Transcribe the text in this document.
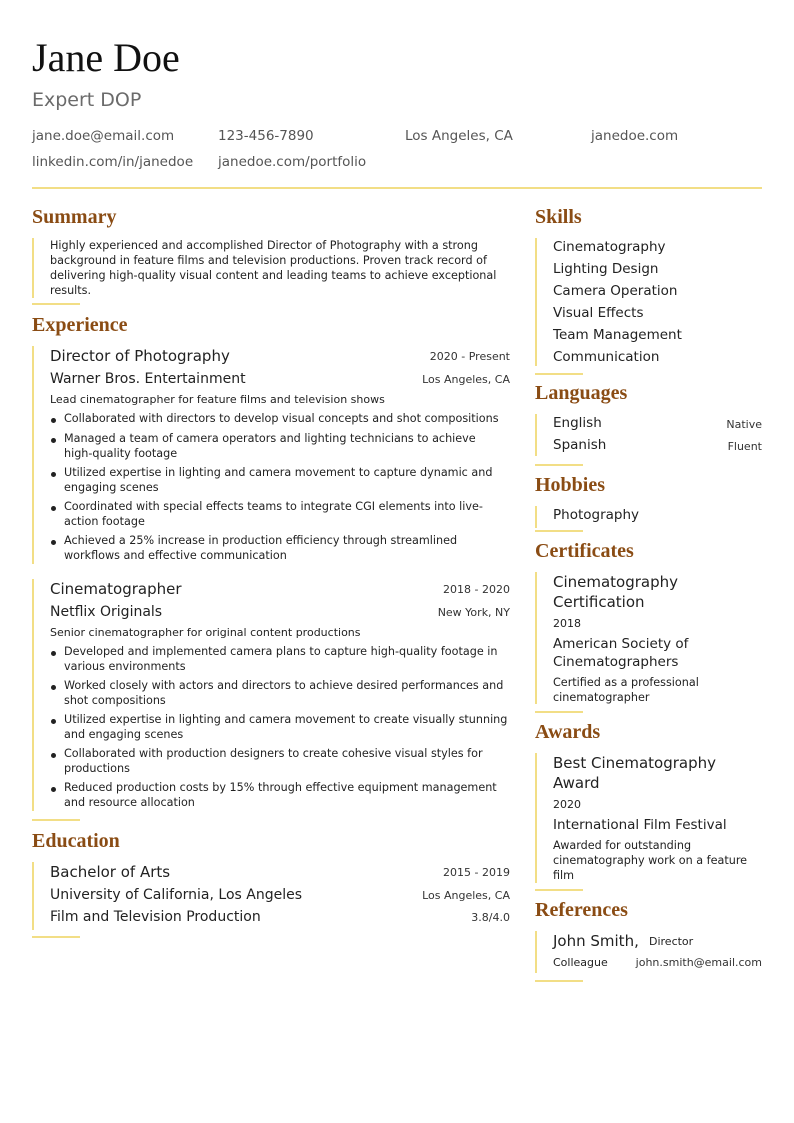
Jane Doe
Expert DOP
jane.doe@email.com	123-456-7890	Los Angeles, CA	janedoe.com
linkedin.com/in/janedoe janedoe.com/portfolio
Summary
Highly experienced and accomplished Director of Photography with a strong
background in feature films and television productions. Proven track record of
delivering high-quality visual content and leading teams to achieve exceptional
results.
Experience
Director of Photography	2020 - Present
Warner Bros. Entertainment	Los Angeles, CA
Lead cinematographer for feature films and television shows
Collaborated with directors to develop visual concepts and shot compositions
Managed a team of camera operators and lighting technicians to achieve
high-quality footage
Utilized expertise in lighting and camera movement to capture dynamic and
engaging scenes
Coordinated with special effects teams to integrate CGI elements into live-
action footage
Achieved a 25% increase in production efficiency through streamlined
workflows and effective communication
Cinematographer	2018 - 2020
Netflix Originals	New York, NY
Senior cinematographer for original content productions
Developed and implemented camera plans to capture high-quality footage in
various environments
Worked closely with actors and directors to achieve desired performances and
shot compositions
Utilized expertise in lighting and camera movement to create visually stunning
and engaging scenes
Collaborated with production designers to create cohesive visual styles for
productions
Reduced production costs by 15% through effective equipment management
and resource allocation
Education
Bachelor of Arts	2015 - 2019
University of California, Los Angeles	Los Angeles, CA
Film and Television Production	3.8/4.0
Skills
Cinematography
Lighting Design
Camera Operation
Visual Effects
Team Management
Communication
Languages
English	Native
Spanish	Fluent
Hobbies
Photography
Certificates
Cinematography
Certification
2018
American Society of
Cinematographers
Certified as a professional
cinematographer
Awards
Best Cinematography
Award
2020
International Film Festival
Awarded for outstanding
cinematography work on a feature
film
References
John Smith, Director
Colleague	john.smith@email.com
